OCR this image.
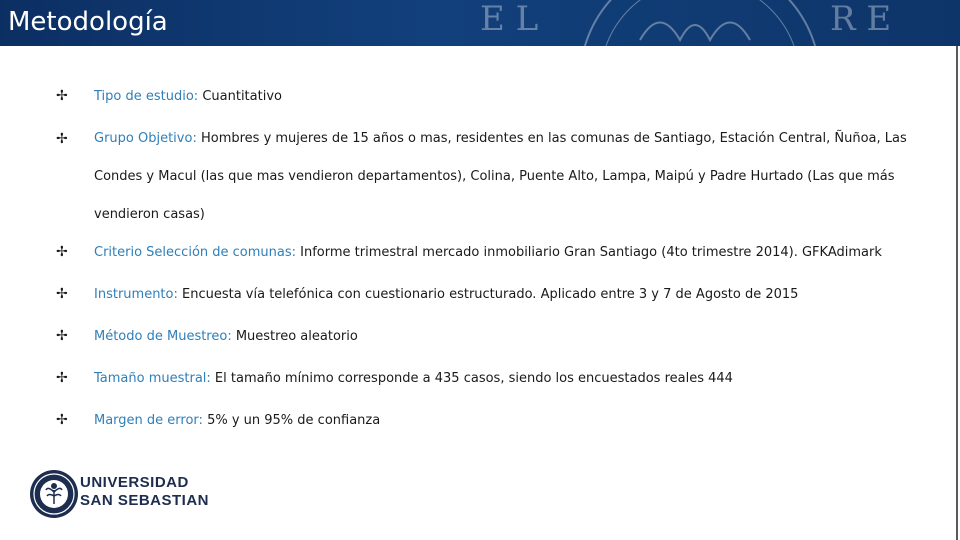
E L	R E
Metodología
✢ Tipo de estudio: Cuantitativo
✢ Grupo Objetivo: Hombres y mujeres de 15 años o mas, residentes en las comunas de Santiago, Estación Central, Ñuñoa, Las Condes y Macul (las que mas vendieron departamentos), Colina, Puente Alto, Lampa, Maipú y Padre Hurtado (Las que más vendieron casas)
✢ Criterio Selección de comunas: Informe trimestral mercado inmobiliario Gran Santiago (4to trimestre 2014). GFKAdimark
✢ Instrumento: Encuesta vía telefónica con cuestionario estructurado. Aplicado entre 3 y 7 de Agosto de 2015
✢ Método de Muestreo: Muestreo aleatorio
✢ Tamaño muestral: El tamaño mínimo corresponde a 435 casos, siendo los encuestados reales 444
✢ Margen de error: 5% y un 95% de confianza
UNIVERSIDAD
SAN SEBASTIAN
